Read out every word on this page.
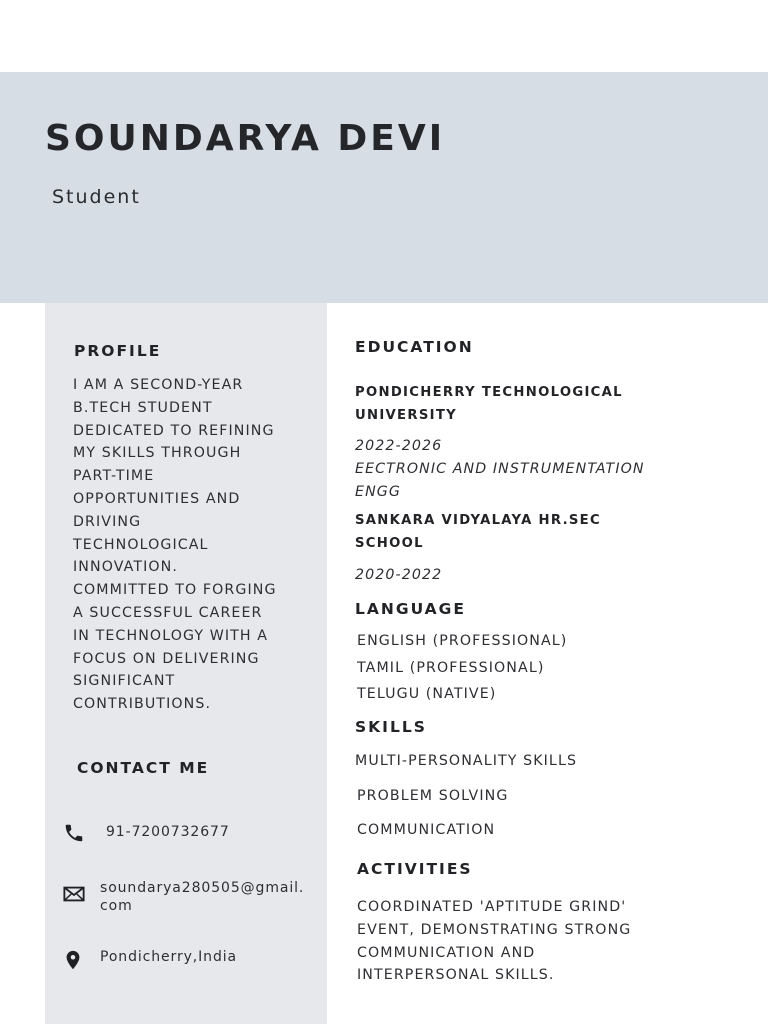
SOUNDARYA DEVI
Student
PROFILE
I AM A SECOND-YEAR
B.TECH STUDENT
DEDICATED TO REFINING
MY SKILLS THROUGH
PART-TIME
OPPORTUNITIES AND
DRIVING
TECHNOLOGICAL
INNOVATION.
COMMITTED TO FORGING
A SUCCESSFUL CAREER
IN TECHNOLOGY WITH A
FOCUS ON DELIVERING
SIGNIFICANT
CONTRIBUTIONS.
CONTACT ME
91-7200732677
soundarya280505@gmail.
com
Pondicherry,India
EDUCATION
PONDICHERRY TECHNOLOGICAL
UNIVERSITY
2022-2026
EECTRONIC AND INSTRUMENTATION
ENGG
SANKARA VIDYALAYA HR.SEC
SCHOOL
2020-2022
LANGUAGE
ENGLISH (PROFESSIONAL)
TAMIL (PROFESSIONAL)
TELUGU (NATIVE)
SKILLS
MULTI-PERSONALITY SKILLS
PROBLEM SOLVING
COMMUNICATION
ACTIVITIES
COORDINATED 'APTITUDE GRIND'
EVENT, DEMONSTRATING STRONG
COMMUNICATION AND
INTERPERSONAL SKILLS.
